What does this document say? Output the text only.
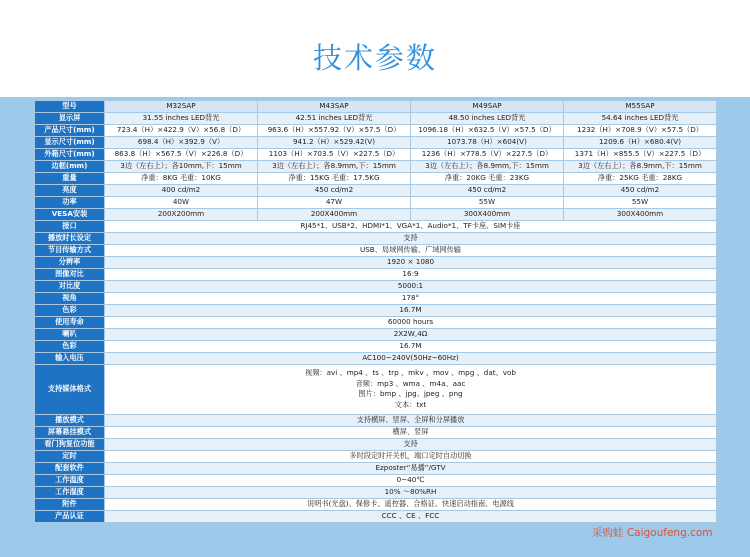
技术参数
型号	M32SAP	M43SAP	M49SAP	M55SAP
显示屏	31.55 inches LED背光	42.51 inches LED背光	48.50 inches LED背光	54.64 inches LED背光
产品尺寸(mm)	723.4（H）×422.9（V）×56.8（D）	963.6（H）×557.92（V）×57.5（D）	1096.18（H）×632.5（V）×57.5（D）	1232（H）×708.9（V）×57.5（D）
显示尺寸(mm)	698.4（H）×392.9（V）	941.2（H）×529.42(V)	1073.78（H）×604(V)	1209.6（H）×680.4(V)
外箱尺寸(mm)	863.8（H）×567.5（V）×226.8（D）	1103（H）×703.5（V）×227.5（D）	1236（H）×778.5（V）×227.5（D）	1371（H）×855.5（V）×227.5（D）
边框(mm)	3边（左右上）；各10mm,下：15mm	3边（左右上）；各8.9mm,下：15mm	3边（左右上）；各8.9mm,下：15mm	3边（左右上）；各8.9mm,下：15mm
重量	净重：8KG 毛重：10KG	净重：15KG 毛重：17.5KG	净重：20KG 毛重：23KG	净重：25KG 毛重：28KG
亮度	400 cd/m2	450 cd/m2	450 cd/m2	450 cd/m2
功率	40W	47W	55W	55W
VESA安装	200X200mm	200X400mm	300X400mm	300X400mm
接口	RJ45*1、USB*2、HDMI*1、VGA*1、Audio*1、TF卡座、SIM卡座			
播放时长设定	支持			
节目传输方式	USB、局域网传输、广域网传输			
分辨率	1920 × 1080			
图像对比	16:9			
对比度	5000:1			
视角	178°			
色彩	16.7M			
使用寿命	60000 hours			
喇叭	2X2W,4Ω			
色彩	16.7M			
输入电压	AC100~240V(50Hz~60Hz)			
支持媒体格式	视频：avi 、mp4 、ts 、trp 、mkv 、mov 、mpg 、dat、vob
音频：mp3 、wma 、m4a、aac
图片：bmp 、jpg、jpeg 、png
文本：txt			

播放模式	支持横屏、竖屏、全屏和分屏播放			
屏幕悬挂模式	横屏、竖屏			
看门狗复位功能	支持			
定时	多时段定时开关机，端口定时自动切换			
配套软件	Ezposter“易播”/GTV			
工作温度	0~40℃			
工作湿度	10% ～80%RH			
附件	说明书(光盘)、保修卡、遥控器、合格证、快速启动指南、电源线			
产品认证	CCC 、CE 、FCC			
采购蛙 Caigoufeng.com
